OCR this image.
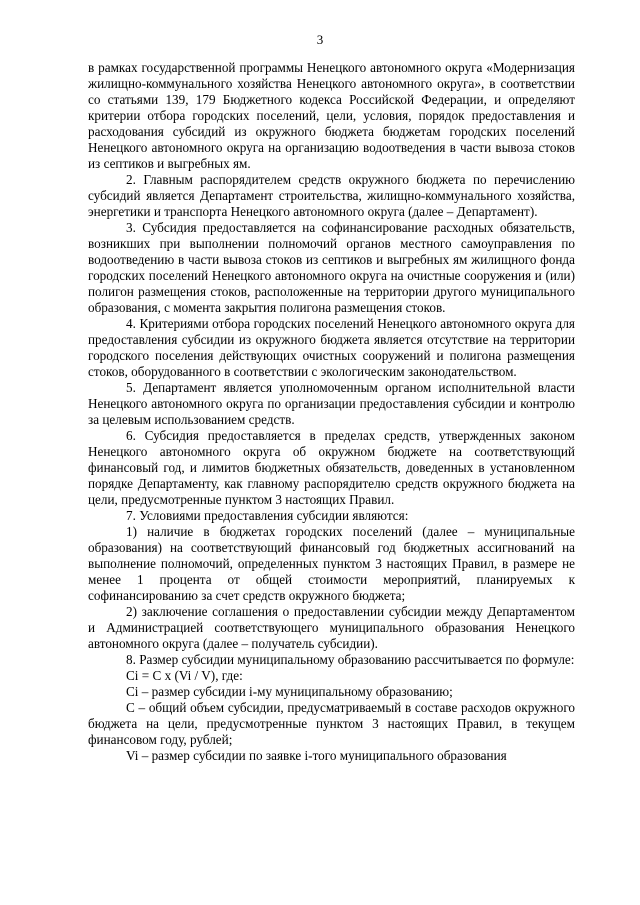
3

в рамках государственной программы Ненецкого автономного округа «Модернизация жилищно-коммунального хозяйства Ненецкого автономного округа», в соответствии со статьями 139, 179 Бюджетного кодекса Российской Федерации, и определяют критерии отбора городских поселений, цели, условия, порядок предоставления и расходования субсидий из окружного бюджета бюджетам городских поселений Ненецкого автономного округа на организацию водоотведения в части вывоза стоков из септиков и выгребных ям.

2. Главным распорядителем средств окружного бюджета по перечислению субсидий является Департамент строительства, жилищно-коммунального хозяйства, энергетики и транспорта Ненецкого автономного округа (далее – Департамент).

3. Субсидия предоставляется на софинансирование расходных обязательств, возникших при выполнении полномочий органов местного самоуправления по водоотведению в части вывоза стоков из септиков и выгребных ям жилищного фонда городских поселений Ненецкого автономного округа на очистные сооружения и (или) полигон размещения стоков, расположенные на территории другого муниципального образования, с момента закрытия полигона размещения стоков.

4. Критериями отбора городских поселений Ненецкого автономного округа для предоставления субсидии из окружного бюджета является отсутствие на территории городского поселения действующих очистных сооружений и полигона размещения стоков, оборудованного в соответствии с экологическим законодательством.

5. Департамент является уполномоченным органом исполнительной власти Ненецкого автономного округа по организации предоставления субсидии и контролю за целевым использованием средств.

6. Субсидия предоставляется в пределах средств, утвержденных законом Ненецкого автономного округа об окружном бюджете на соответствующий финансовый год, и лимитов бюджетных обязательств, доведенных в установленном порядке Департаменту, как главному распорядителю средств окружного бюджета на цели, предусмотренные пунктом 3 настоящих Правил.

7. Условиями предоставления субсидии являются:

1) наличие в бюджетах городских поселений (далее – муниципальные образования) на соответствующий финансовый год бюджетных ассигнований на выполнение полномочий, определенных пунктом 3 настоящих Правил, в размере не менее 1 процента от общей стоимости мероприятий, планируемых к софинансированию за счет средств окружного бюджета;

2) заключение соглашения о предоставлении субсидии между Департаментом и Администрацией соответствующего муниципального образования Ненецкого автономного округа (далее – получатель субсидии).

8. Размер субсидии муниципальному образованию рассчитывается по формуле:

Ci = C x (Vi / V), где:

Ci – размер субсидии i-му муниципальному образованию;

C – общий объем субсидии, предусматриваемый в составе расходов окружного бюджета на цели, предусмотренные пунктом 3 настоящих Правил, в текущем финансовом году, рублей;

Vi – размер субсидии по заявке i-того муниципального образования
